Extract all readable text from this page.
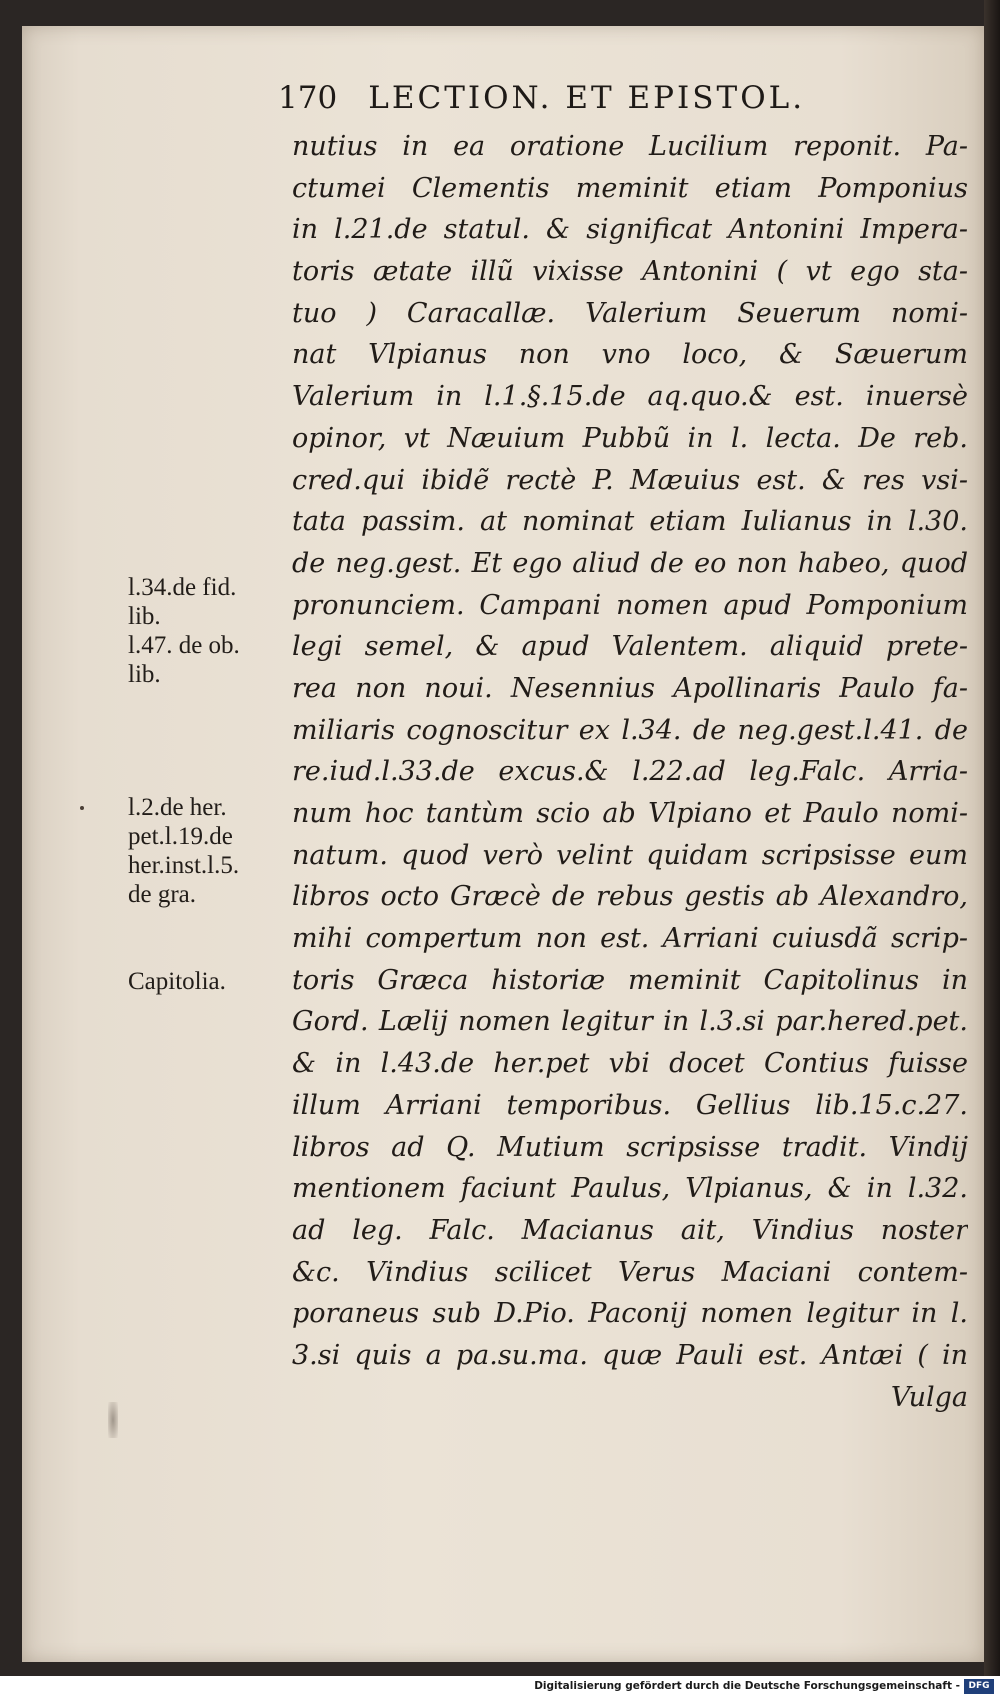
170 LECTION. ET EPISTOL.
nutius in ea oratione Lucilium reponit. Pa-
ctumei Clementis meminit etiam Pomponius
in l.21.de statul. & significat Antonini Impera-
toris ætate illũ vixisse Antonini ( vt ego sta-
tuo ) Caracallæ. Valerium Seuerum nomi-
nat Vlpianus non vno loco, & Sæuerum
Valerium in l.1.§.15.de aq.quo.& est. inuersè
opinor, vt Næuium Pubbũ in l. lecta. De reb.
cred.qui ibidẽ rectè P. Mæuius est. & res vsi-
tata passim. at nominat etiam Iulianus in l.30.
de neg.gest. Et ego aliud de eo non habeo, quod
pronunciem. Campani nomen apud Pomponium
legi semel, & apud Valentem. aliquid prete-
rea non noui. Nesennius Apollinaris Paulo fa-
miliaris cognoscitur ex l.34. de neg.gest.l.41. de
re.iud.l.33.de excus.& l.22.ad leg.Falc. Arria-
num hoc tantùm scio ab Vlpiano et Paulo nomi-
natum. quod verò velint quidam scripsisse eum
libros octo Græcè de rebus gestis ab Alexandro,
mihi compertum non est. Arriani cuiusdã scrip-
toris Græca historiæ meminit Capitolinus in
Gord. Lælij nomen legitur in l.3.si par.hered.pet.
& in l.43.de her.pet vbi docet Contius fuisse
illum Arriani temporibus. Gellius lib.15.c.27.
libros ad Q. Mutium scripsisse tradit. Vindij
mentionem faciunt Paulus, Vlpianus, & in l.32.
ad leg. Falc. Macianus ait, Vindius noster
&c. Vindius scilicet Verus Maciani contem-
poraneus sub D.Pio. Paconij nomen legitur in l.
3.si quis a pa.su.ma. quæ Pauli est. Antæi ( in
Vulga
l.34.de fid.
lib.
l.47. de ob.
lib.
l.2.de her.
pet.l.19.de
her.inst.l.5.
de gra.
Capitolia.
Digitalisierung gefördert durch die Deutsche Forschungsgemeinschaft - DFG
